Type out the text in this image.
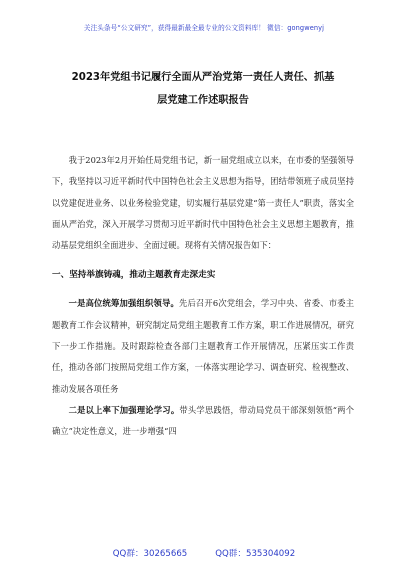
关注头条号“公文研究”，获得最新最全最专业的公文资料库！ 微信：gongwenyj
2023年党组书记履行全面从严治党第一责任人责任、抓基
层党建工作述职报告

我于2023年2月开始任局党组书记，新一届党组成立以来，在市委的坚强领导下，我坚持以习近平新时代中国特色社会主义思想为指导，团结带领班子成员坚持以党建促进业务、以业务检验党建，切实履行基层党建“第一责任人”职责，落实全面从严治党，深入开展学习贯彻习近平新时代中国特色社会主义思想主题教育，推动基层党组织全面进步、全面过硬。现将有关情况报告如下：

一、坚持举旗铸魂，推动主题教育走深走实

一是高位统筹加强组织领导。先后召开6次党组会，学习中央、省委、市委主题教育工作会议精神，研究制定局党组主题教育工作方案，职工作进展情况，研究下一步工作措施。及时跟踪检查各部门主题教育工作开展情况，压紧压实工作责任，推动各部门按照局党组工作方案，一体落实理论学习、调查研究、检视整改、推动发展各项任务

二是以上率下加强理论学习。带头学思践悟，带动局党员干部深刻领悟“两个确立”决定性意义，进一步增强“四

QQ群：30265665	QQ群：535304092
